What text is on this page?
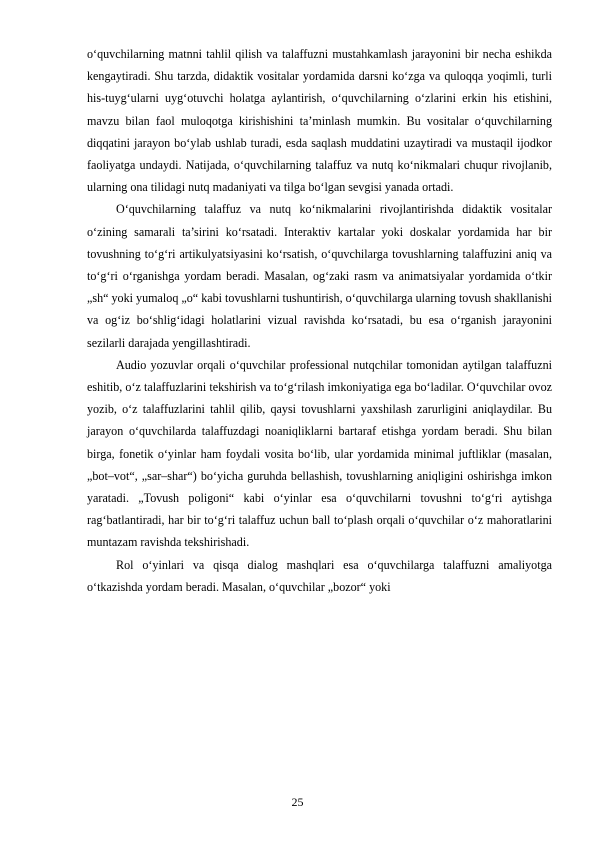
o‘quvchilarning matnni tahlil qilish va talaffuzni mustahkamlash jarayonini bir necha eshikda kengaytiradi. Shu tarzda, didaktik vositalar yordamida darsni ko‘zga va quloqqa yoqimli, turli his-tuyg‘ularni uyg‘otuvchi holatga aylantirish, o‘quvchilarning o‘zlarini erkin his etishini, mavzu bilan faol muloqotga kirishishini ta’minlash mumkin. Bu vositalar o‘quvchilarning diqqatini jarayon bo‘ylab ushlab turadi, esda saqlash muddatini uzaytiradi va mustaqil ijodkor faoliyatga undaydi. Natijada, o‘quvchilarning talaffuz va nutq ko‘nikmalari chuqur rivojlanib, ularning ona tilidagi nutq madaniyati va tilga bo‘lgan sevgisi yanada ortadi.

O‘quvchilarning talaffuz va nutq ko‘nikmalarini rivojlantirishda didaktik vositalar o‘zining samarali ta’sirini ko‘rsatadi. Interaktiv kartalar yoki doskalar yordamida har bir tovushning to‘g‘ri artikulyatsiyasini ko‘rsatish, o‘quvchilarga tovushlarning talaffuzini aniq va to‘g‘ri o‘rganishga yordam beradi. Masalan, og‘zaki rasm va animatsiyalar yordamida o‘tkir „sh“ yoki yumaloq „o“ kabi tovushlarni tushuntirish, o‘quvchilarga ularning tovush shakllanishi va og‘iz bo‘shlig‘idagi holatlarini vizual ravishda ko‘rsatadi, bu esa o‘rganish jarayonini sezilarli darajada yengillashtiradi.

Audio yozuvlar orqali o‘quvchilar professional nutqchilar tomonidan aytilgan talaffuzni eshitib, o‘z talaffuzlarini tekshirish va to‘g‘rilash imkoniyatiga ega bo‘ladilar. O‘quvchilar ovoz yozib, o‘z talaffuzlarini tahlil qilib, qaysi tovushlarni yaxshilash zarurligini aniqlaydilar. Bu jarayon o‘quvchilarda talaffuzdagi noaniqliklarni bartaraf etishga yordam beradi. Shu bilan birga, fonetik o‘yinlar ham foydali vosita bo‘lib, ular yordamida minimal juftliklar (masalan, „bot–vot“, „sar–shar“) bo‘yicha guruhda bellashish, tovushlarning aniqligini oshirishga imkon yaratadi. „Tovush poligoni“ kabi o‘yinlar esa o‘quvchilarni tovushni to‘g‘ri aytishga rag‘batlantiradi, har bir to‘g‘ri talaffuz uchun ball to‘plash orqali o‘quvchilar o‘z mahoratlarini muntazam ravishda tekshirishadi.

Rol o‘yinlari va qisqa dialog mashqlari esa o‘quvchilarga talaffuzni amaliyotga o‘tkazishda yordam beradi. Masalan, o‘quvchilar „bozor“ yoki

25
